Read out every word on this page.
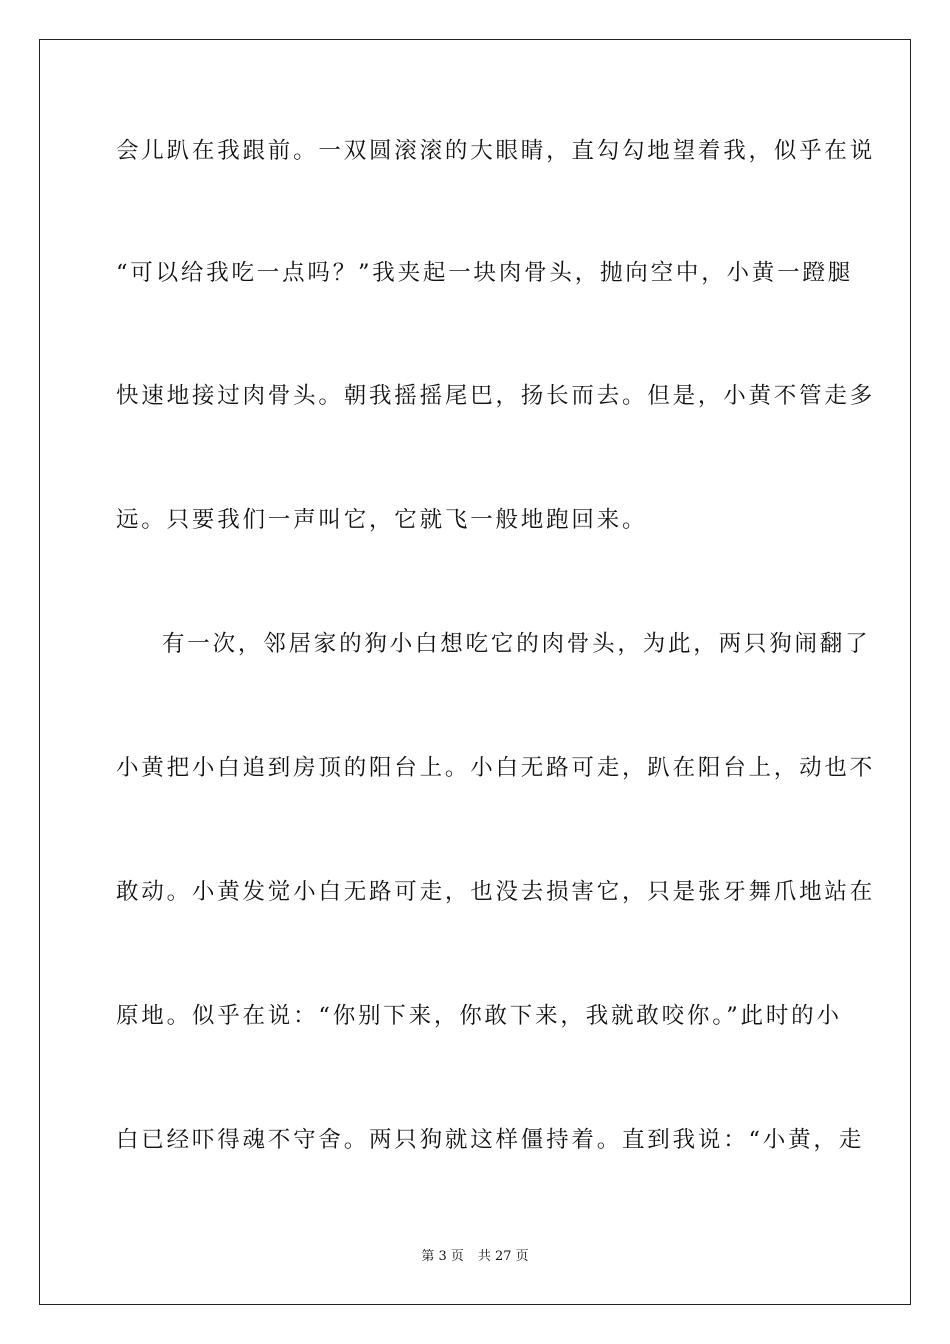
会儿趴在我跟前。一双圆滚滚的大眼睛，直勾勾地望着我，似乎在说
“可以给我吃一点吗？”我夹起一块肉骨头，抛向空中，小黄一蹬腿
快速地接过肉骨头。朝我摇摇尾巴，扬长而去。但是，小黄不管走多
远。只要我们一声叫它，它就飞一般地跑回来。
有一次，邻居家的狗小白想吃它的肉骨头，为此，两只狗闹翻了
小黄把小白追到房顶的阳台上。小白无路可走，趴在阳台上，动也不
敢动。小黄发觉小白无路可走，也没去损害它，只是张牙舞爪地站在
原地。似乎在说：“你别下来，你敢下来，我就敢咬你。”此时的小
白已经吓得魂不守舍。两只狗就这样僵持着。直到我说：“小黄，走
第 3 页 共 27 页
